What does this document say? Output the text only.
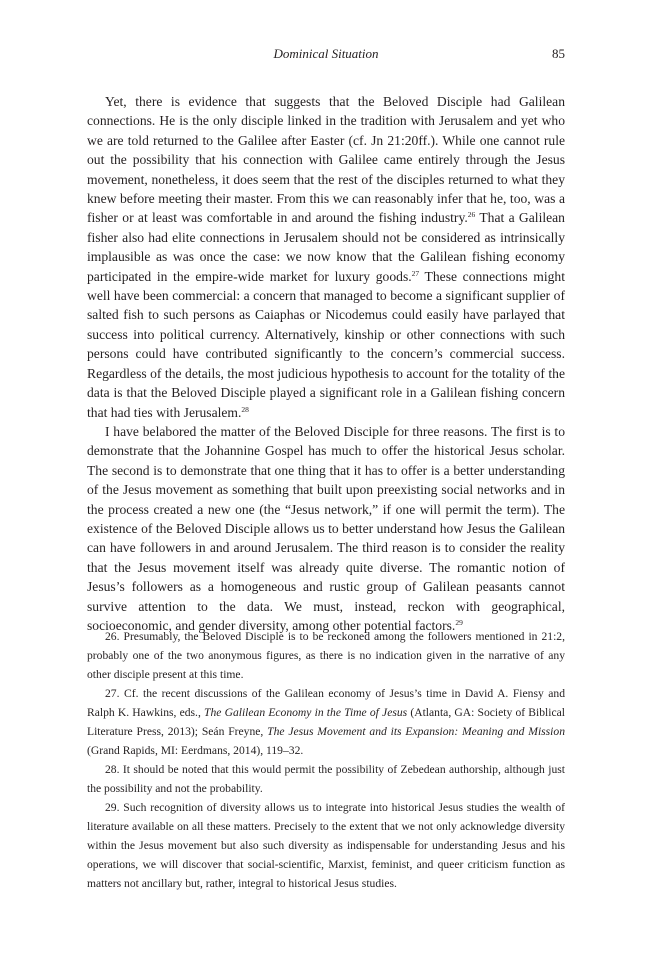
Dominical Situation	85

Yet, there is evidence that suggests that the Beloved Disciple had Galilean connections. He is the only disciple linked in the tradition with Jerusalem and yet who we are told returned to the Galilee after Easter (cf. Jn 21:20ff.). While one cannot rule out the possibility that his connection with Galilee came entirely through the Jesus movement, nonetheless, it does seem that the rest of the disciples returned to what they knew before meeting their master. From this we can reasonably infer that he, too, was a fisher or at least was comfortable in and around the fishing industry.$^{26}$ That a Galilean fisher also had elite connections in Jerusalem should not be considered as intrinsically implausible as was once the case: we now know that the Galilean fishing economy participated in the empire-wide market for luxury goods.$^{27}$ These connections might well have been commercial: a concern that managed to become a significant supplier of salted fish to such persons as Caiaphas or Nicodemus could easily have parlayed that success into political currency. Alternatively, kinship or other connections with such persons could have contributed significantly to the concern’s commercial success. Regardless of the details, the most judicious hypothesis to account for the totality of the data is that the Beloved Disciple played a significant role in a Galilean fishing concern that had ties with Jerusalem.$^{28}$

I have belabored the matter of the Beloved Disciple for three reasons. The first is to demonstrate that the Johannine Gospel has much to offer the historical Jesus scholar. The second is to demonstrate that one thing that it has to offer is a better understanding of the Jesus movement as something that built upon preexisting social networks and in the process created a new one (the “Jesus network,” if one will permit the term). The existence of the Beloved Disciple allows us to better understand how Jesus the Galilean can have followers in and around Jerusalem. The third reason is to consider the reality that the Jesus movement itself was already quite diverse. The romantic notion of Jesus’s followers as a homogeneous and rustic group of Galilean peasants cannot survive attention to the data. We must, instead, reckon with geographical, socioeconomic, and gender diversity, among other potential factors.$^{29}$

26. Presumably, the Beloved Disciple is to be reckoned among the followers mentioned in 21:2, probably one of the two anonymous figures, as there is no indication given in the narrative of any other disciple present at this time.

27. Cf. the recent discussions of the Galilean economy of Jesus’s time in David A. Fiensy and Ralph K. Hawkins, eds., The Galilean Economy in the Time of Jesus (Atlanta, GA: Society of Biblical Literature Press, 2013); Seán Freyne, The Jesus Movement and its Expansion: Meaning and Mission (Grand Rapids, MI: Eerdmans, 2014), 119–32.

28. It should be noted that this would permit the possibility of Zebedean authorship, although just the possibility and not the probability.

29. Such recognition of diversity allows us to integrate into historical Jesus studies the wealth of literature available on all these matters. Precisely to the extent that we not only acknowledge diversity within the Jesus movement but also such diversity as indispensable for understanding Jesus and his operations, we will discover that social-scientific, Marxist, feminist, and queer criticism function as matters not ancillary but, rather, integral to historical Jesus studies.
